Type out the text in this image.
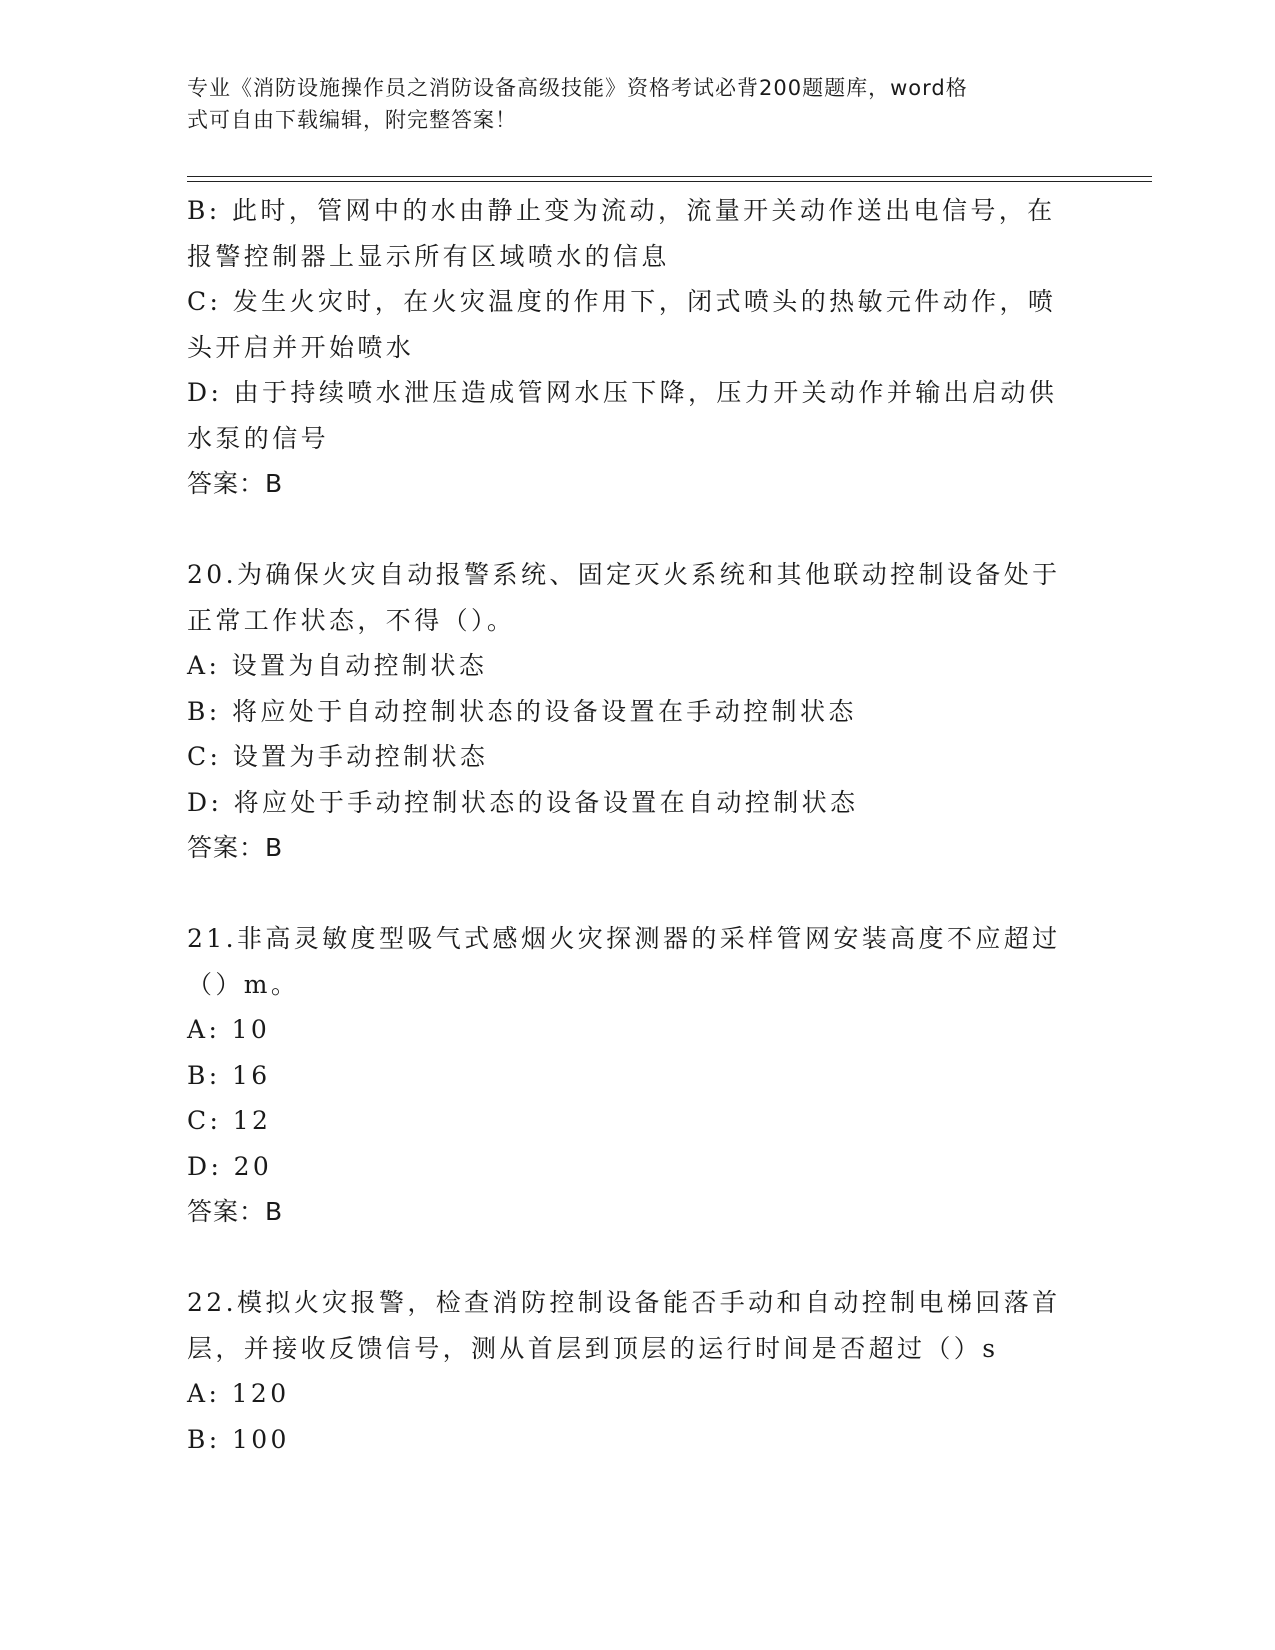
专业《消防设施操作员之消防设备高级技能》资格考试必背200题题库，word格

式可自由下载编辑，附完整答案！

B: 此时，管网中的水由静止变为流动，流量开关动作送出电信号，在

报警控制器上显示所有区域喷水的信息

C: 发生火灾时，在火灾温度的作用下，闭式喷头的热敏元件动作，喷

头开启并开始喷水

D: 由于持续喷水泄压造成管网水压下降，压力开关动作并输出启动供

水泵的信号

答案：B

20.为确保火灾自动报警系统、固定灭火系统和其他联动控制设备处于

正常工作状态，不得（）。

A: 设置为自动控制状态

B: 将应处于自动控制状态的设备设置在手动控制状态

C: 设置为手动控制状态

D: 将应处于手动控制状态的设备设置在自动控制状态

答案：B

21.非高灵敏度型吸气式感烟火灾探测器的采样管网安装高度不应超过

（）m。

A: 10

B: 16

C: 12

D: 20

答案：B

22.模拟火灾报警，检查消防控制设备能否手动和自动控制电梯回落首

层，并接收反馈信号，测从首层到顶层的运行时间是否超过（）s

A: 120

B: 100
